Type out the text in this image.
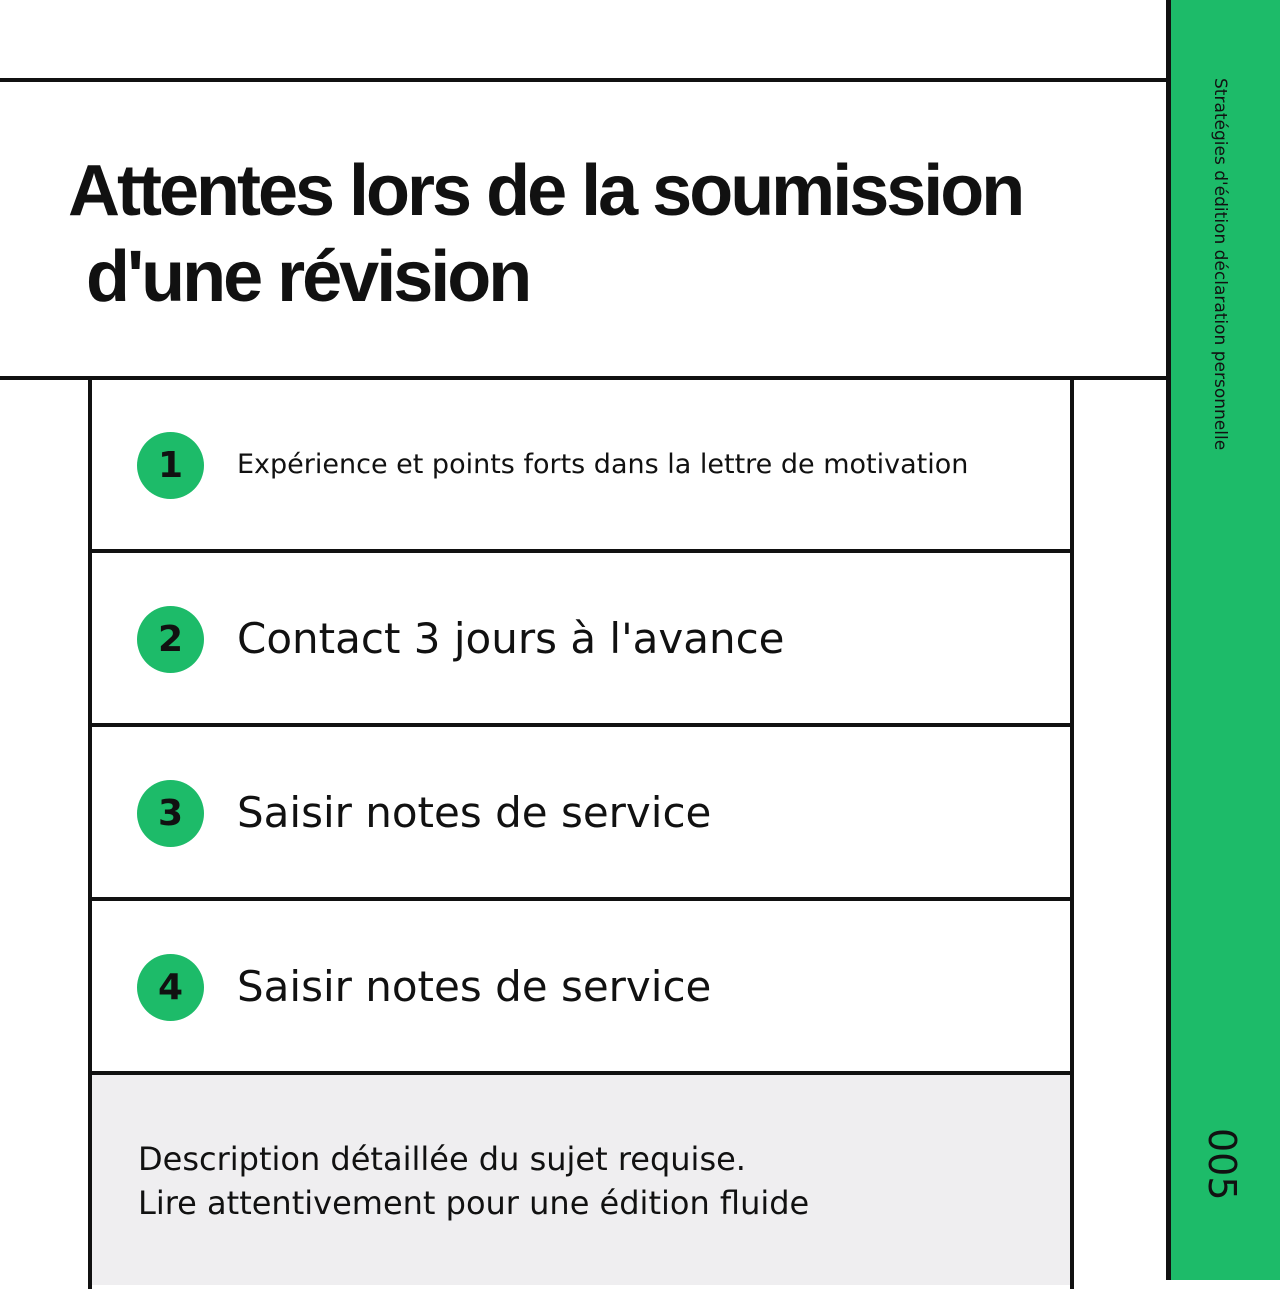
Attentes lors de la soumission
d'une révision	Stratégies d'édition déclaration personnelle
005
1	Expérience et points forts dans la lettre de motivation
2	Contact 3 jours à l'avance
3	Saisir notes de service
4	Saisir notes de service
Description détaillée du sujet requise.
Lire attentivement pour une édition fluide
